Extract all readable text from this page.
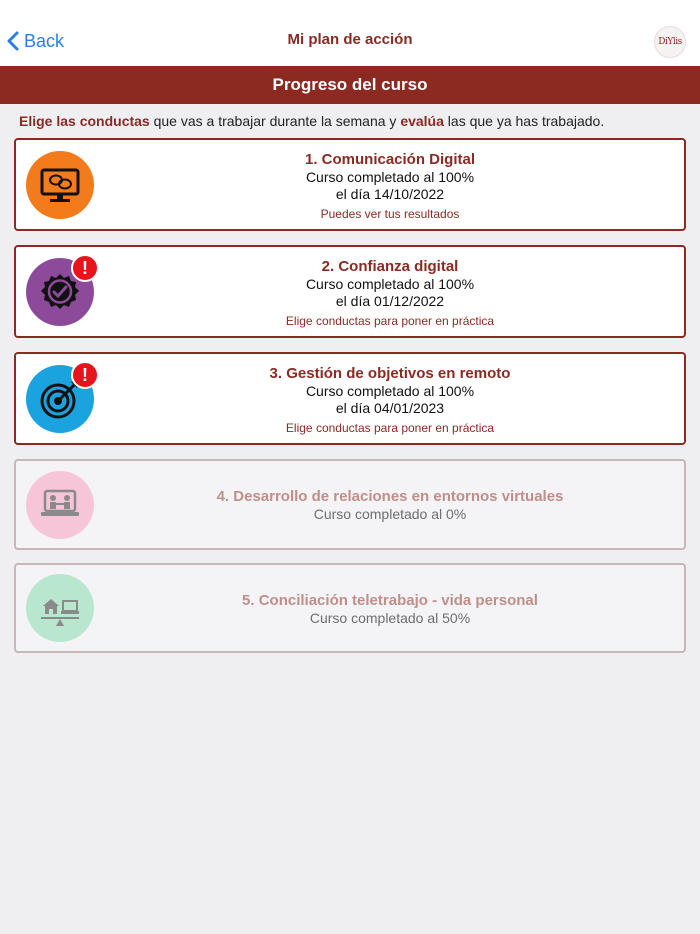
Back	Mi plan de acción	DiYlis
Progreso del curso
Elige las conductas que vas a trabajar durante la semana y evalúa las que ya has trabajado.
1. Comunicación Digital
Curso completado al 100%
el día 14/10/2022
Puedes ver tus resultados
!	2. Confianza digital
Curso completado al 100%
el día 01/12/2022
Elige conductas para poner en práctica
!	3. Gestión de objetivos en remoto
Curso completado al 100%
el día 04/01/2023
Elige conductas para poner en práctica
4. Desarrollo de relaciones en entornos virtuales
Curso completado al 0%
5. Conciliación teletrabajo - vida personal
Curso completado al 50%
